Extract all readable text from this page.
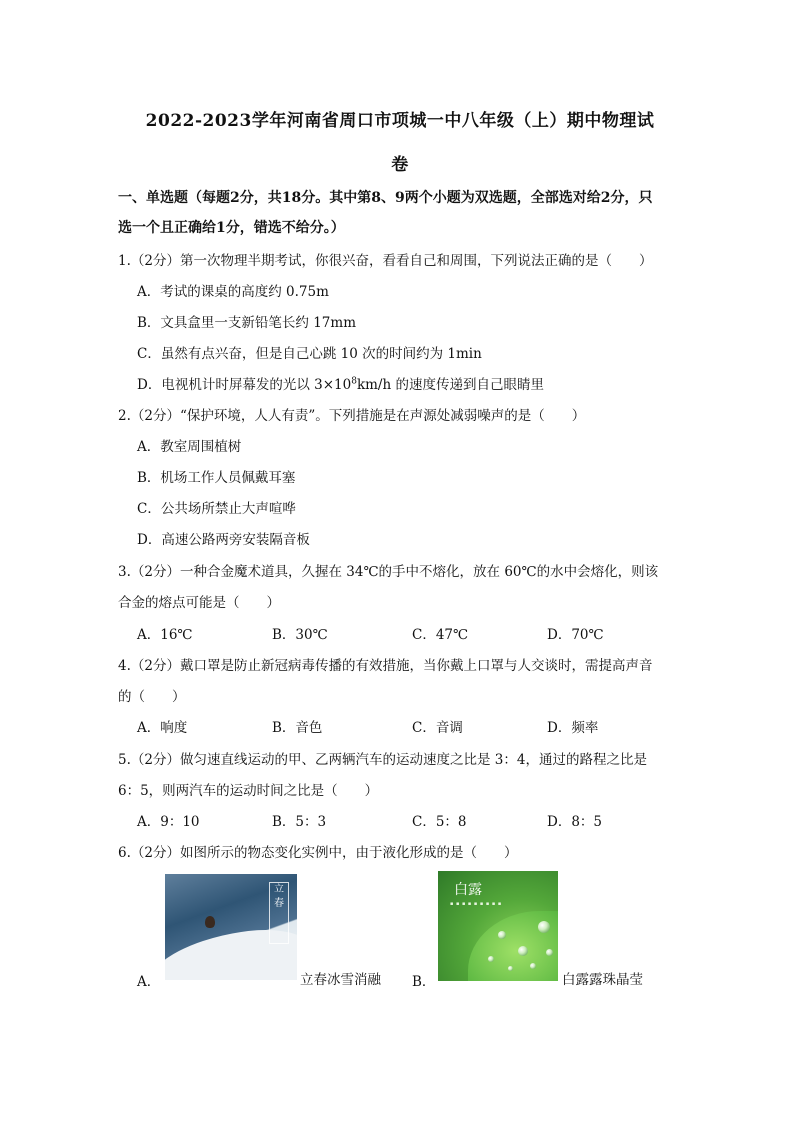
2022-2023学年河南省周口市项城一中八年级（上）期中物理试
卷
一、单选题（每题2分，共18分。其中第8、9两个小题为双选题，全部选对给2分，只
选一个且正确给1分，错选不给分。）
1.（2分）第一次物理半期考试，你很兴奋，看看自己和周围，下列说法正确的是（　　）
A．考试的课桌的高度约 0.75m
B．文具盒里一支新铅笔长约 17mm
C．虽然有点兴奋，但是自己心跳 10 次的时间约为 1min
D．电视机计时屏幕发的光以 $3\times 10^8km/h$ 的速度传递到自己眼睛里
2.（2分）“保护环境，人人有责”。下列措施是在声源处减弱噪声的是（　　）
A．教室周围植树
B．机场工作人员佩戴耳塞
C．公共场所禁止大声喧哗
D．高速公路两旁安装隔音板
3.（2分）一种合金魔术道具，久握在 34℃的手中不熔化，放在 60℃的水中会熔化，则该
合金的熔点可能是（　　）
A．16℃	B．30℃	C．47℃	D．70℃
4.（2分）戴口罩是防止新冠病毒传播的有效措施，当你戴上口罩与人交谈时，需提高声音
的（　　）
A．响度	B．音色	C．音调	D．频率
5.（2分）做匀速直线运动的甲、乙两辆汽车的运动速度之比是 3：4，通过的路程之比是
6：5，则两汽车的运动时间之比是（　　）
A．9：10	B．5：3	C．5：8	D．8：5
6.（2分）如图所示的物态变化实例中，由于液化形成的是（　　）
A．
立春
立春冰雪消融 B．
白露
▪ ▪ ▪ ▪ ▪ ▪ ▪ ▪ ▪
白露露珠晶莹
